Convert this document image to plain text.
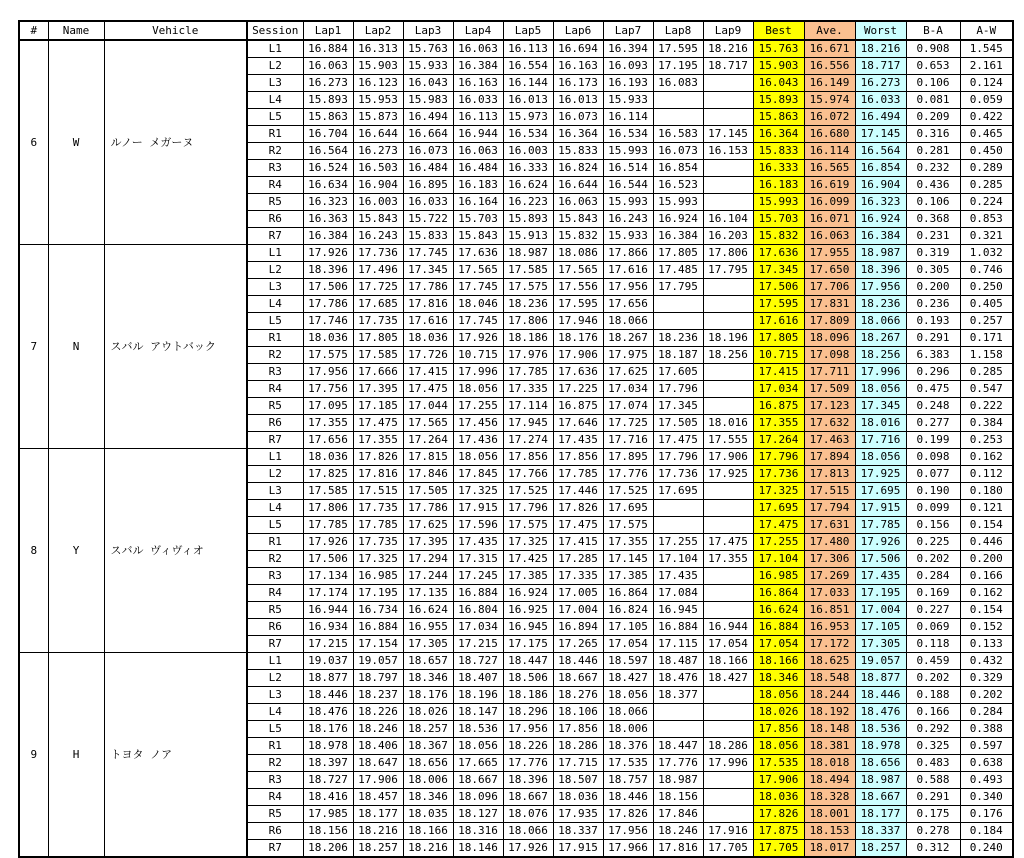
#	Name	Vehicle	Session	Lap1	Lap2	Lap3	Lap4	Lap5	Lap6	Lap7	Lap8	Lap9	Best	Ave.	Worst	B-A	A-W
6	W	ルノー メガーヌ	L1	16.884	16.313	15.763	16.063	16.113	16.694	16.394	17.595	18.216	15.763	16.671	18.216	0.908	1.545
			L2	16.063	15.903	15.933	16.384	16.554	16.163	16.093	17.195	18.717	15.903	16.556	18.717	0.653	2.161
			L3	16.273	16.123	16.043	16.163	16.144	16.173	16.193	16.083		16.043	16.149	16.273	0.106	0.124
			L4	15.893	15.953	15.983	16.033	16.013	16.013	15.933			15.893	15.974	16.033	0.081	0.059
			L5	15.863	15.873	16.494	16.113	15.973	16.073	16.114			15.863	16.072	16.494	0.209	0.422
			R1	16.704	16.644	16.664	16.944	16.534	16.364	16.534	16.583	17.145	16.364	16.680	17.145	0.316	0.465
			R2	16.564	16.273	16.073	16.063	16.003	15.833	15.993	16.073	16.153	15.833	16.114	16.564	0.281	0.450
			R3	16.524	16.503	16.484	16.484	16.333	16.824	16.514	16.854		16.333	16.565	16.854	0.232	0.289
			R4	16.634	16.904	16.895	16.183	16.624	16.644	16.544	16.523		16.183	16.619	16.904	0.436	0.285
			R5	16.323	16.003	16.033	16.164	16.223	16.063	15.993	15.993		15.993	16.099	16.323	0.106	0.224
			R6	16.363	15.843	15.722	15.703	15.893	15.843	16.243	16.924	16.104	15.703	16.071	16.924	0.368	0.853
			R7	16.384	16.243	15.833	15.843	15.913	15.832	15.933	16.384	16.203	15.832	16.063	16.384	0.231	0.321
7	N	スバル アウトバック	L1	17.926	17.736	17.745	17.636	18.987	18.086	17.866	17.805	17.806	17.636	17.955	18.987	0.319	1.032
			L2	18.396	17.496	17.345	17.565	17.585	17.565	17.616	17.485	17.795	17.345	17.650	18.396	0.305	0.746
			L3	17.506	17.725	17.786	17.745	17.575	17.556	17.956	17.795		17.506	17.706	17.956	0.200	0.250
			L4	17.786	17.685	17.816	18.046	18.236	17.595	17.656			17.595	17.831	18.236	0.236	0.405
			L5	17.746	17.735	17.616	17.745	17.806	17.946	18.066			17.616	17.809	18.066	0.193	0.257
			R1	18.036	17.805	18.036	17.926	18.186	18.176	18.267	18.236	18.196	17.805	18.096	18.267	0.291	0.171
			R2	17.575	17.585	17.726	10.715	17.976	17.906	17.975	18.187	18.256	10.715	17.098	18.256	6.383	1.158
			R3	17.956	17.666	17.415	17.996	17.785	17.636	17.625	17.605		17.415	17.711	17.996	0.296	0.285
			R4	17.756	17.395	17.475	18.056	17.335	17.225	17.034	17.796		17.034	17.509	18.056	0.475	0.547
			R5	17.095	17.185	17.044	17.255	17.114	16.875	17.074	17.345		16.875	17.123	17.345	0.248	0.222
			R6	17.355	17.475	17.565	17.456	17.945	17.646	17.725	17.505	18.016	17.355	17.632	18.016	0.277	0.384
			R7	17.656	17.355	17.264	17.436	17.274	17.435	17.716	17.475	17.555	17.264	17.463	17.716	0.199	0.253
8	Y	スバル ヴィヴィオ	L1	18.036	17.826	17.815	18.056	17.856	17.856	17.895	17.796	17.906	17.796	17.894	18.056	0.098	0.162
			L2	17.825	17.816	17.846	17.845	17.766	17.785	17.776	17.736	17.925	17.736	17.813	17.925	0.077	0.112
			L3	17.585	17.515	17.505	17.325	17.525	17.446	17.525	17.695		17.325	17.515	17.695	0.190	0.180
			L4	17.806	17.735	17.786	17.915	17.796	17.826	17.695			17.695	17.794	17.915	0.099	0.121
			L5	17.785	17.785	17.625	17.596	17.575	17.475	17.575			17.475	17.631	17.785	0.156	0.154
			R1	17.926	17.735	17.395	17.435	17.325	17.415	17.355	17.255	17.475	17.255	17.480	17.926	0.225	0.446
			R2	17.506	17.325	17.294	17.315	17.425	17.285	17.145	17.104	17.355	17.104	17.306	17.506	0.202	0.200
			R3	17.134	16.985	17.244	17.245	17.385	17.335	17.385	17.435		16.985	17.269	17.435	0.284	0.166
			R4	17.174	17.195	17.135	16.884	16.924	17.005	16.864	17.084		16.864	17.033	17.195	0.169	0.162
			R5	16.944	16.734	16.624	16.804	16.925	17.004	16.824	16.945		16.624	16.851	17.004	0.227	0.154
			R6	16.934	16.884	16.955	17.034	16.945	16.894	17.105	16.884	16.944	16.884	16.953	17.105	0.069	0.152
			R7	17.215	17.154	17.305	17.215	17.175	17.265	17.054	17.115	17.054	17.054	17.172	17.305	0.118	0.133
9	H	トヨタ ノア	L1	19.037	19.057	18.657	18.727	18.447	18.446	18.597	18.487	18.166	18.166	18.625	19.057	0.459	0.432
			L2	18.877	18.797	18.346	18.407	18.506	18.667	18.427	18.476	18.427	18.346	18.548	18.877	0.202	0.329
			L3	18.446	18.237	18.176	18.196	18.186	18.276	18.056	18.377		18.056	18.244	18.446	0.188	0.202
			L4	18.476	18.226	18.026	18.147	18.296	18.106	18.066			18.026	18.192	18.476	0.166	0.284
			L5	18.176	18.246	18.257	18.536	17.956	17.856	18.006			17.856	18.148	18.536	0.292	0.388
			R1	18.978	18.406	18.367	18.056	18.226	18.286	18.376	18.447	18.286	18.056	18.381	18.978	0.325	0.597
			R2	18.397	18.647	18.656	17.665	17.776	17.715	17.535	17.776	17.996	17.535	18.018	18.656	0.483	0.638
			R3	18.727	17.906	18.006	18.667	18.396	18.507	18.757	18.987		17.906	18.494	18.987	0.588	0.493
			R4	18.416	18.457	18.346	18.096	18.667	18.036	18.446	18.156		18.036	18.328	18.667	0.291	0.340
			R5	17.985	18.177	18.035	18.127	18.076	17.935	17.826	17.846		17.826	18.001	18.177	0.175	0.176
			R6	18.156	18.216	18.166	18.316	18.066	18.337	17.956	18.246	17.916	17.875	18.153	18.337	0.278	0.184
			R7	18.206	18.257	18.216	18.146	17.926	17.915	17.966	17.816	17.705	17.705	18.017	18.257	0.312	0.240
